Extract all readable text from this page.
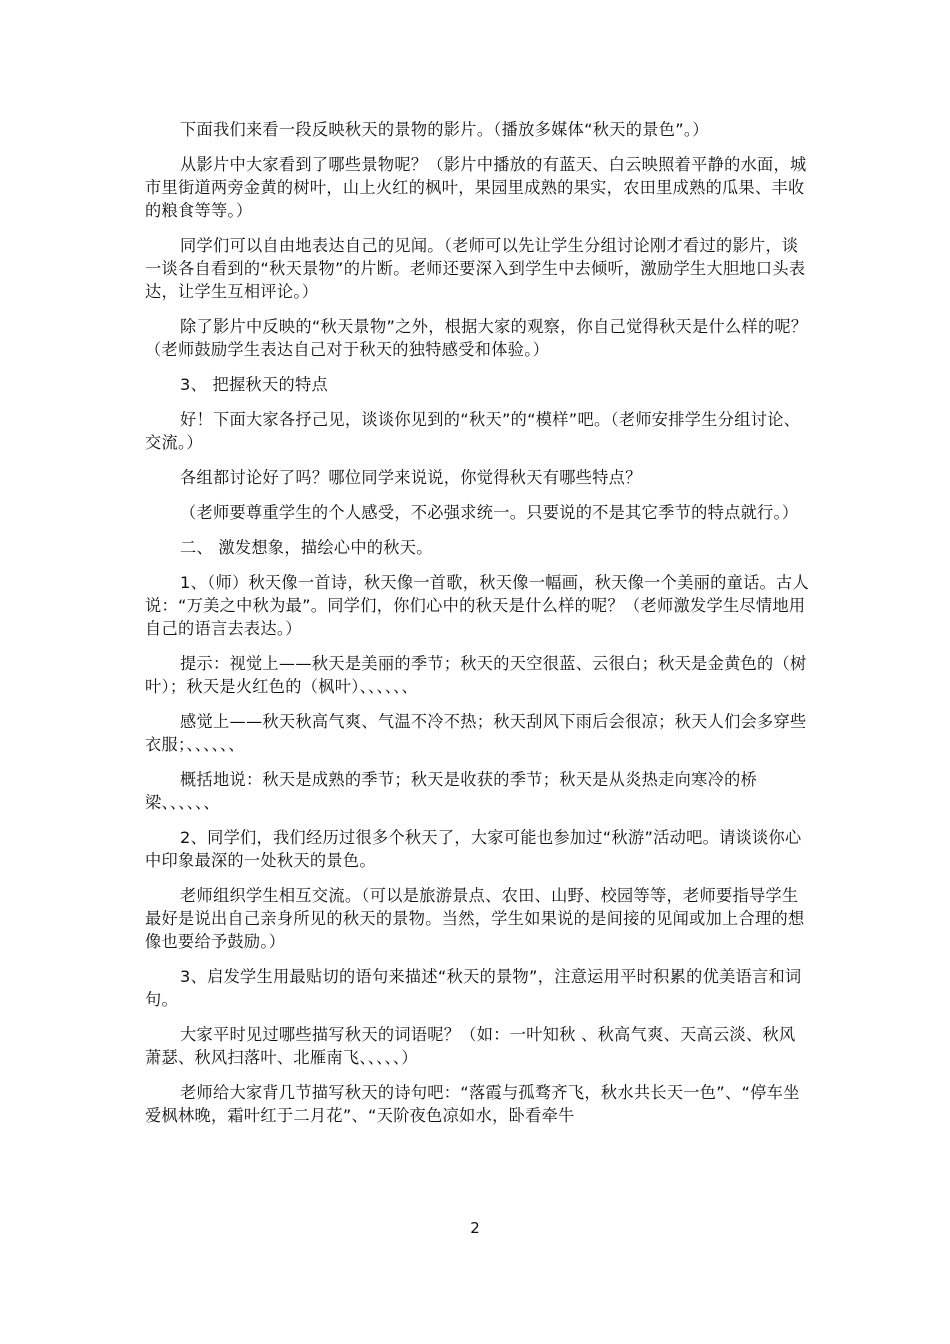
下面我们来看一段反映秋天的景物的影片。（播放多媒体“秋天的景色”。）

从影片中大家看到了哪些景物呢？（影片中播放的有蓝天、白云映照着平静的水面，城市里街道两旁金黄的树叶，山上火红的枫叶，果园里成熟的果实，农田里成熟的瓜果、丰收的粮食等等。）

同学们可以自由地表达自己的见闻。（老师可以先让学生分组讨论刚才看过的影片，谈一谈各自看到的“秋天景物”的片断。老师还要深入到学生中去倾听，激励学生大胆地口头表达，让学生互相评论。）

除了影片中反映的“秋天景物”之外，根据大家的观察，你自己觉得秋天是什么样的呢？（老师鼓励学生表达自己对于秋天的独特感受和体验。）

3、 把握秋天的特点

好！下面大家各抒己见，谈谈你见到的“秋天”的“模样”吧。（老师安排学生分组讨论、交流。）

各组都讨论好了吗？哪位同学来说说，你觉得秋天有哪些特点？

（老师要尊重学生的个人感受，不必强求统一。只要说的不是其它季节的特点就行。）

二、 激发想象，描绘心中的秋天。

1、（师）秋天像一首诗，秋天像一首歌，秋天像一幅画，秋天像一个美丽的童话。古人说：“万美之中秋为最”。同学们，你们心中的秋天是什么样的呢？（老师激发学生尽情地用自己的语言去表达。）

提示：视觉上——秋天是美丽的季节；秋天的天空很蓝、云很白；秋天是金黄色的（树叶）；秋天是火红色的（枫叶）、、、、、、

感觉上——秋天秋高气爽、气温不冷不热；秋天刮风下雨后会很凉；秋天人们会多穿些衣服；、、、、、、

概括地说：秋天是成熟的季节；秋天是收获的季节；秋天是从炎热走向寒冷的桥梁、、、、、、

2、同学们，我们经历过很多个秋天了，大家可能也参加过“秋游”活动吧。请谈谈你心中印象最深的一处秋天的景色。

老师组织学生相互交流。（可以是旅游景点、农田、山野、校园等等，老师要指导学生最好是说出自己亲身所见的秋天的景物。当然，学生如果说的是间接的见闻或加上合理的想像也要给予鼓励。）

3、启发学生用最贴切的语句来描述“秋天的景物”，注意运用平时积累的优美语言和词句。

大家平时见过哪些描写秋天的词语呢？（如：一叶知秋 、秋高气爽、天高云淡、秋风萧瑟、秋风扫落叶、北雁南飞、、、、、）

老师给大家背几节描写秋天的诗句吧：“落霞与孤骛齐飞，秋水共长天一色”、“停车坐爱枫林晚，霜叶红于二月花”、“天阶夜色凉如水，卧看牵牛

2
